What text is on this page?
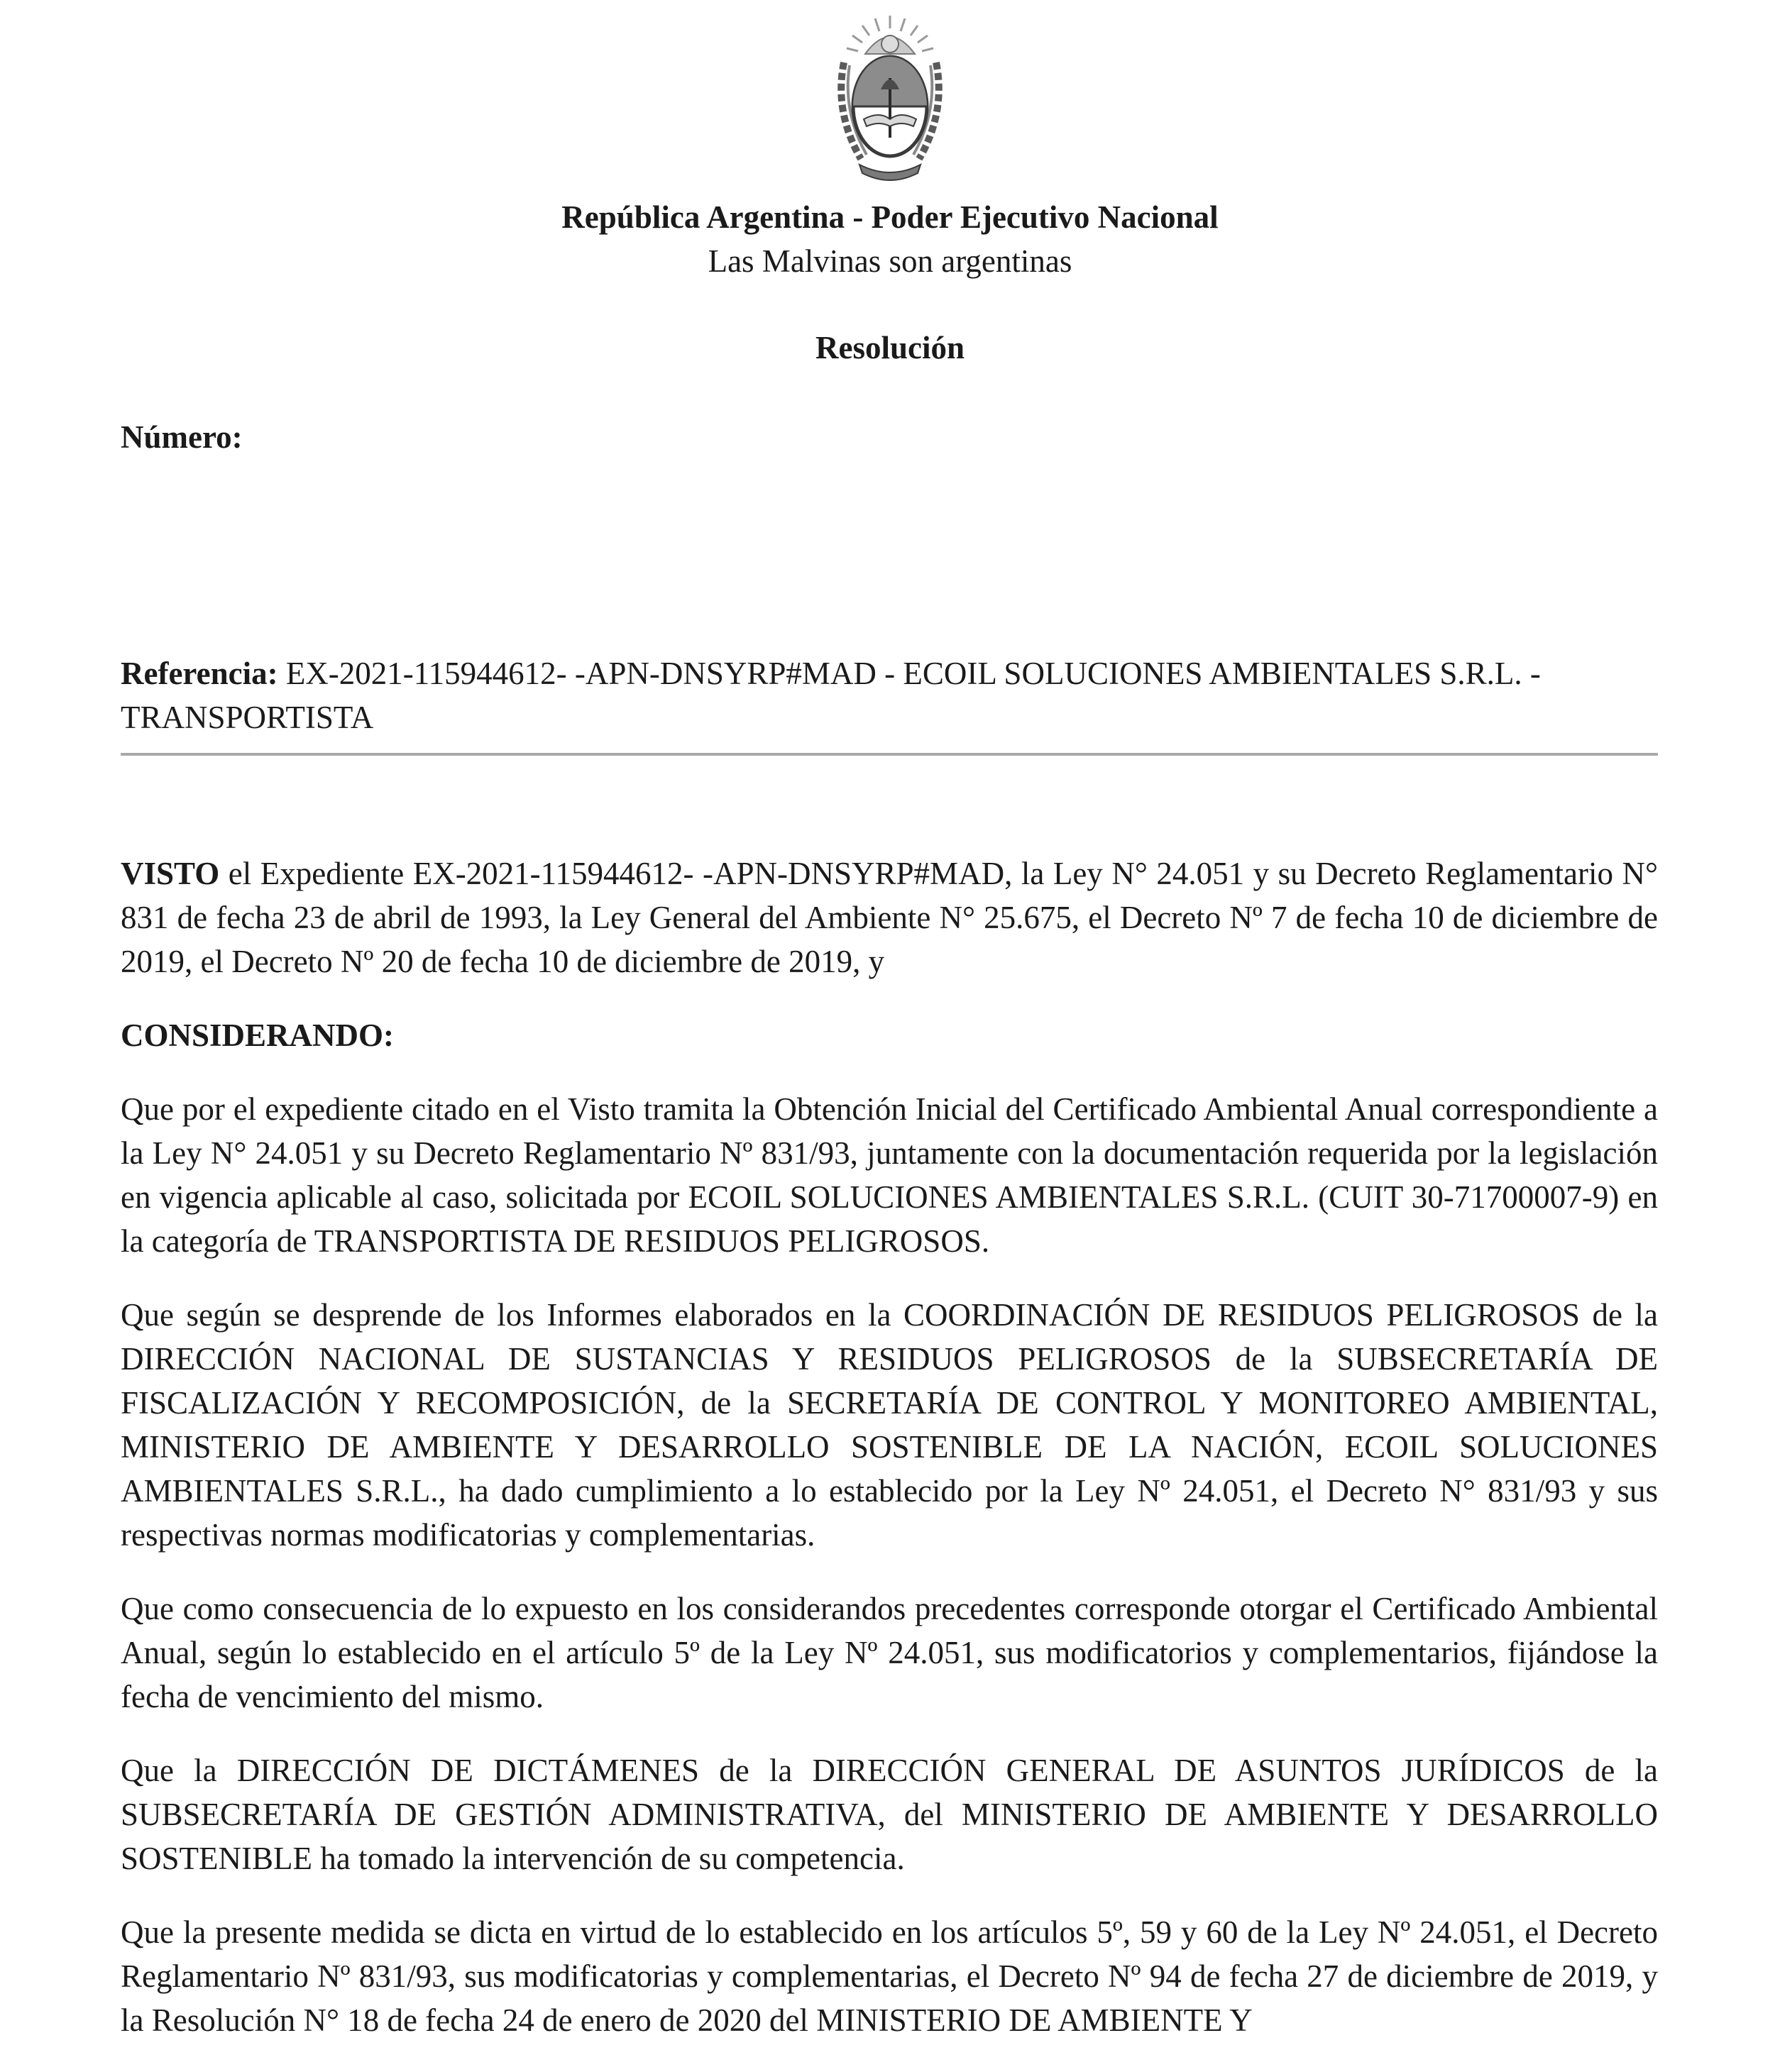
República Argentina - Poder Ejecutivo Nacional
Las Malvinas son argentinas
Resolución
Número:
Referencia: EX-2021-115944612- -APN-DNSYRP#MAD - ECOIL SOLUCIONES AMBIENTALES S.R.L. - TRANSPORTISTA

VISTO el Expediente EX-2021-115944612- -APN-DNSYRP#MAD, la Ley N° 24.051 y su Decreto Reglamentario N° 831 de fecha 23 de abril de 1993, la Ley General del Ambiente N° 25.675, el Decreto Nº 7 de fecha 10 de diciembre de 2019, el Decreto Nº 20 de fecha 10 de diciembre de 2019, y

CONSIDERANDO:

Que por el expediente citado en el Visto tramita la Obtención Inicial del Certificado Ambiental Anual correspondiente a la Ley N° 24.051 y su Decreto Reglamentario Nº 831/93, juntamente con la documentación requerida por la legislación en vigencia aplicable al caso, solicitada por ECOIL SOLUCIONES AMBIENTALES S.R.L. (CUIT 30-71700007-9) en la categoría de TRANSPORTISTA DE RESIDUOS PELIGROSOS.

Que según se desprende de los Informes elaborados en la COORDINACIÓN DE RESIDUOS PELIGROSOS de la DIRECCIÓN NACIONAL DE SUSTANCIAS Y RESIDUOS PELIGROSOS de la SUBSECRETARÍA DE FISCALIZACIÓN Y RECOMPOSICIÓN, de la SECRETARÍA DE CONTROL Y MONITOREO AMBIENTAL, MINISTERIO DE AMBIENTE Y DESARROLLO SOSTENIBLE DE LA NACIÓN, ECOIL SOLUCIONES AMBIENTALES S.R.L., ha dado cumplimiento a lo establecido por la Ley Nº 24.051, el Decreto N° 831/93 y sus respectivas normas modificatorias y complementarias.

Que como consecuencia de lo expuesto en los considerandos precedentes corresponde otorgar el Certificado Ambiental Anual, según lo establecido en el artículo 5º de la Ley Nº 24.051, sus modificatorios y complementarios, fijándose la fecha de vencimiento del mismo.

Que la DIRECCIÓN DE DICTÁMENES de la DIRECCIÓN GENERAL DE ASUNTOS JURÍDICOS de la SUBSECRETARÍA DE GESTIÓN ADMINISTRATIVA, del MINISTERIO DE AMBIENTE Y DESARROLLO SOSTENIBLE ha tomado la intervención de su competencia.

Que la presente medida se dicta en virtud de lo establecido en los artículos 5º, 59 y 60 de la Ley Nº 24.051, el Decreto Reglamentario Nº 831/93, sus modificatorias y complementarias, el Decreto Nº 94 de fecha 27 de diciembre de 2019, y la Resolución N° 18 de fecha 24 de enero de 2020 del MINISTERIO DE AMBIENTE Y
